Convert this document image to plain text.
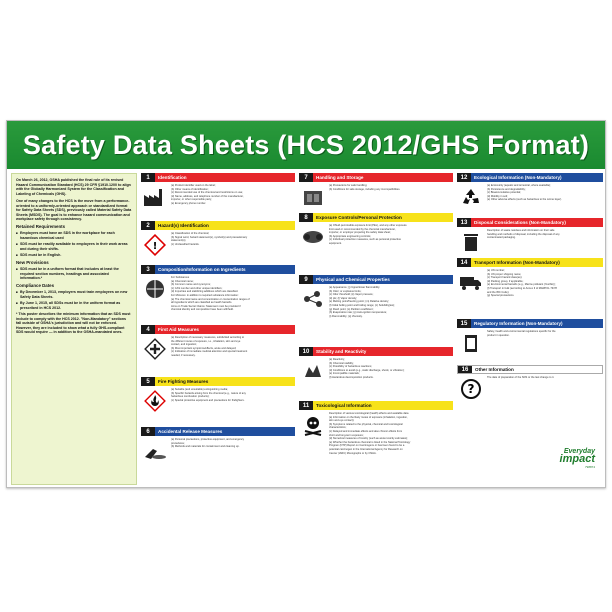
Safety Data Sheets (HCS 2012/GHS Format)

On March 26, 2012, OSHA published the final rule of its revised Hazard Communication Standard (HCS) 29 CFR §1910.1200 to align with the Globally Harmonized System for the Classification and Labeling of Chemicals (GHS).

One of many changes to the HCS is the move from a performance-oriented to a uniformly-oriented approach or standardized format for Safety Data Sheets (SDS), previously called Material Safety Data Sheets (MSDS). The goal is to enhance hazard communication and workplace safety through consistency.

Retained Requirements
■ Employers must have an SDS in the workplace for each hazardous chemical used
■ SDS must be readily available to employees in their work areas and during their shifts.
■ SDS must be in English.
New Provisions
■ SDS must be in a uniform format that includes at least the required section numbers, headings and associated information.*
Compliance Dates
■ By December 1, 2013, employers must train employees on new Safety Data Sheets.
■ By June 1, 2015, all SDSs must be in the uniform format as prescribed in HCS 2012.

* This poster describes the minimum information that an SDS must include to comply with the HCS 2012. "Non-Mandatory" sections fall outside of OSHA's jurisdiction and will not be enforced. However, they are included to show what a fully GHS-compliant SDS would require — in addition to the OSHA-mandated ones.

1	Identification
(a) Product identifier used on the label;
(b) Other means of identification;
(c) Recommended use of the chemical and restrictions on use;
(d) Name, address, and telephone number of the manufacturer,
importer, or other responsible party;
(e) Emergency phone number.
2	Hazard(s) Identification
!
(a) Classification of the chemical;
(b) Signal word, hazard statement(s), symbol(s) and precautionary
statement(s);
(c) Unclassified hazards.
3	Composition/Information on Ingredients
For Substances
(a) Chemical name;
(b) Common name and synonyms;
(c) CAS number and other unique identifiers;
(d) Impurities and stabilizing additives which are classified.
For Mixtures: in addition to required substance information:
(a) The chemical name and concentration or concentration ranges of
all ingredients which are classified as health hazards.
Aims on Trade Secret Claims: Statement must be provided if
chemical identity and composition have been withheld.
4	First Aid Measures
(a) Description of necessary measures, subdivided according to
the different routes of exposure, i.e., inhalation, skin and eye
contact, and ingestion;
(b) Most important symptoms/effects, acute and delayed;
(c) Indication of immediate medical attention and special treatment
needed, if necessary.
5	Fire Fighting Measures
(a) Suitable (and unsuitable) extinguishing media;
(b) Specific hazards arising from the chemical (e.g., nature of any
hazardous combustion products);
(c) Special protective equipment and precautions for firefighters.
6	Accidental Release Measures
(a) Personal precautions, protective equipment, and emergency
procedures;
(b) Methods and materials for containment and cleaning up.
7	Handling and Storage
(a) Precautions for safe handling;
(b) Conditions for safe storage, including any incompatibilities.
8	Exposure Controls/Personal Protection
(a) OSHA permissible exposure limit (PEL), and any other exposure
limit used or recommended by the chemical manufacturer,
importer, or employer preparing the safety data sheet;
(b) Appropriate engineering controls;
(c) Individual protection measures, such as personal protective
equipment.
9	Physical and Chemical Properties
(a) Appearance; (j) Upper/lower flammability
(b) Odor; or explosive limits;
(c) Odor threshold; (k) Vapor pressure;
(d) pH; (l) Vapor density;
(e) Melting point/freezing point; (m) Relative density;
(f) Initial boiling point and boiling range; (n) Solubility(ies);
(g) Flash point; (o) Partition coefficient;
(h) Evaporation rate; (p) Auto-ignition temperature;
(i) Flammability; (q) Viscosity.
10	Stability and Reactivity
(a) Reactivity;
(b) Chemical stability;
(c) Possibility of hazardous reactions;
(d) Conditions to avoid (e.g., static discharge, shock, or vibration);
(e) Incompatible materials;
(f) Hazardous decomposition products.
11	Toxicological Information
Description of various toxicological (health) effects and available data
(a) Information on the likely routes of exposure (inhalation, ingestion,
skin and eye contact);
(b) Symptoms related to the physical, chemical and toxicological
characteristics;
(c) Delayed and immediate effects and also chronic effects from
short and long-term exposure;
(d) Numerical measures of toxicity (such as acute toxicity estimates);
(e) Whether the hazardous chemical is listed in the National Toxicology
Program (NTP) Report on Carcinogens or has been found to be a
potential carcinogen in the International Agency for Research on
Cancer (IARC) Monographs or by OSHA.
12	Ecological Information (Non-Mandatory)
(a) Ecotoxicity (aquatic and terrestrial, where available);
(b) Persistence and degradability;
(c) Bioaccumulative potential;
(d) Mobility in soil;
(e) Other adverse effects (such as hazardous to the ozone layer).
13	Disposal Considerations (Non-Mandatory)
Description of waste residues and information on their safe
handling and methods of disposal, including the disposal of any
contaminated packaging.
14	Transport Information (Non-Mandatory)
(a) UN number;
(b) UN proper shipping name;
(c) Transport hazard class(es);
(d) Packing group, if applicable;
(e) Environmental hazards (e.g., Marine pollutant (Yes/No));
(f) Transport in bulk (according to Annex II of MARPOL 73/78
and the IBC Code);
(g) Special precautions.
15	Regulatory Information (Non-Mandatory)
Safety, health and environmental regulations specific for the
product in question.
16	Other Information
?
The date of preparation of the SDS or the last change to it.
Everyday
impact
798874
